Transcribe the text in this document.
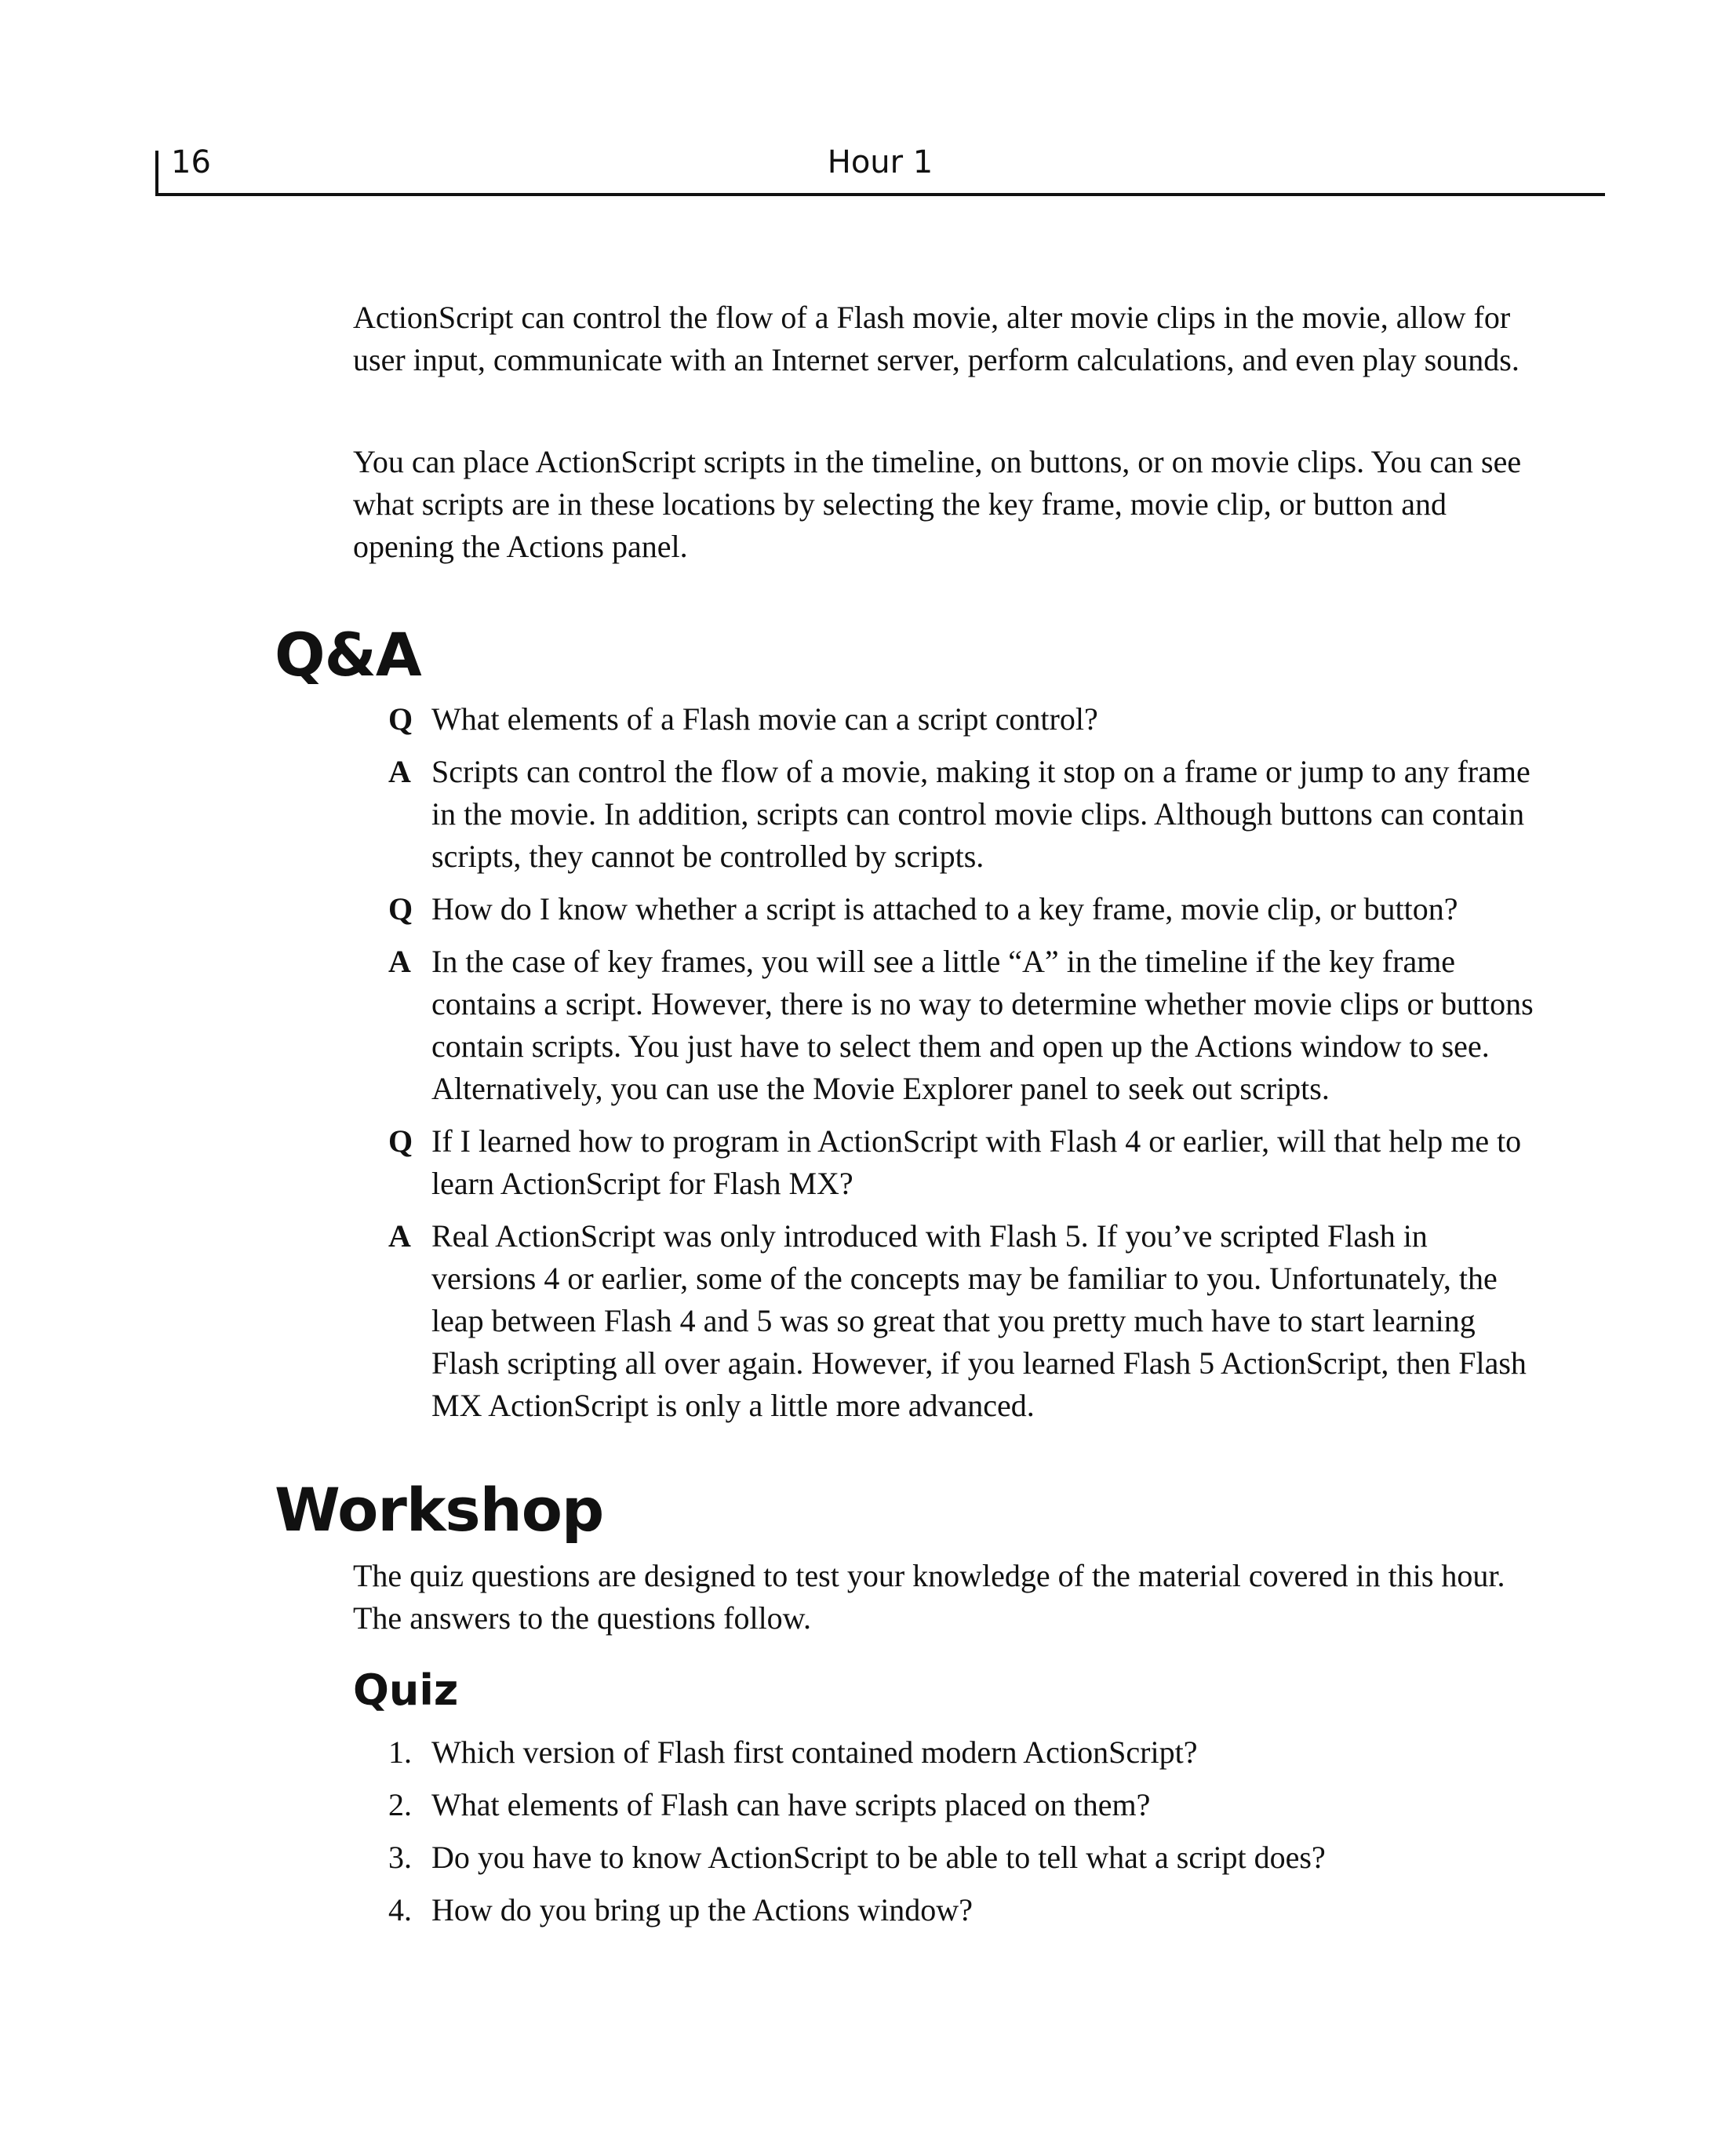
16	Hour 1

ActionScript can control the flow of a Flash movie, alter movie clips in the movie, allow for user input, communicate with an Internet server, perform calculations, and even play sounds.

You can place ActionScript scripts in the timeline, on buttons, or on movie clips. You can see what scripts are in these locations by selecting the key frame, movie clip, or button and opening the Actions panel.

Q&A
Q What elements of a Flash movie can a script control?
A Scripts can control the flow of a movie, making it stop on a frame or jump to any frame in the movie. In addition, scripts can control movie clips. Although buttons can contain scripts, they cannot be controlled by scripts.
Q How do I know whether a script is attached to a key frame, movie clip, or button?
A In the case of key frames, you will see a little “A” in the timeline if the key frame contains a script. However, there is no way to determine whether movie clips or buttons contain scripts. You just have to select them and open up the Actions window to see. Alternatively, you can use the Movie Explorer panel to seek out scripts.
Q If I learned how to program in ActionScript with Flash 4 or earlier, will that help me to learn ActionScript for Flash MX?
A Real ActionScript was only introduced with Flash 5. If you’ve scripted Flash in versions 4 or earlier, some of the concepts may be familiar to you. Unfortunately, the leap between Flash 4 and 5 was so great that you pretty much have to start learning Flash scripting all over again. However, if you learned Flash 5 ActionScript, then Flash MX ActionScript is only a little more advanced.
Workshop

The quiz questions are designed to test your knowledge of the material covered in this hour. The answers to the questions follow.

Quiz
1. Which version of Flash first contained modern ActionScript?
2. What elements of Flash can have scripts placed on them?
3. Do you have to know ActionScript to be able to tell what a script does?
4. How do you bring up the Actions window?
